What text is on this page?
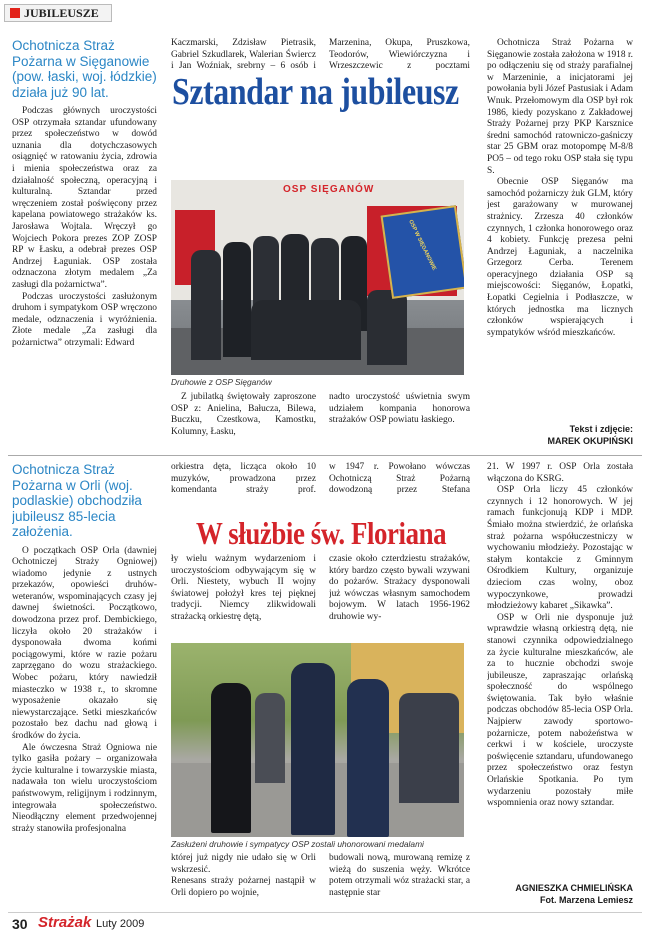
JUBILEUSZE
Ochotnicza Straż Pożarna w Sięganowie (pow. łaski, woj. łódzkie) działa już 90 lat.

Podczas głównych uroczystości OSP otrzymała sztandar ufundowany przez społeczeństwo w dowód uznania dla dotychczasowych osiągnięć w ratowaniu życia, zdrowia i mienia społeczeństwa oraz za działalność społeczną, operacyjną i kulturalną. Sztandar przed wręczeniem został poświęcony przez kapelana powiatowego strażaków ks. Jarosława Wojtala. Wręczył go Wojciech Pokora prezes ZOP ZOSP RP w Łasku, a odebrał prezes OSP Andrzej Łaguniak. OSP została odznaczona złotym medalem „Za zasługi dla pożarnictwa”.

Podczas uroczystości zasłużonym druhom i sympatykom OSP wręczono medale, odznaczenia i wyróżnienia. Złote medale „Za zasługi dla pożarnictwa” otrzymali: Edward

Kaczmarski, Zdzisław Pietrasik, Gabriel Szkudlarek, Walerian Świercz i Jan Woźniak, srebrny – 6 osób i

Marzenina, Okupa, Pruszkowa, Teodorów, Wiewiórczyzna i Wrzeszczewic z pocztami

Sztandar na jubileusz
OSP SIĘGANÓW
OSP W SIĘGANOWIE
Druhowie z OSP Sięganów

Z jubilatką świętowały zaproszone OSP z: Anielina, Bałucza, Bilewa, Buczku, Czestkowa, Kamostku, Kolumny, Łasku,

nadto uroczystość uświetnia swym udziałem kompania honorowa strażaków OSP powiatu łaskiego.

Ochotnicza Straż Pożarna w Sięganowie została założona w 1918 r. po odłączeniu się od straży parafialnej w Marzeninie, a inicjatorami jej powołania byli Józef Pastusiak i Adam Wnuk. Przełomowym dla OSP był rok 1986, kiedy pozyskano z Zakładowej Straży Pożarnej przy PKP Karsznice średni samochód ratowniczo-gaśniczy star 25 GBM oraz motopompę M-8/8 PO5 – od tego roku OSP stała się typu S.

Obecnie OSP Sięganów ma samochód pożarniczy żuk GLM, który jest garażowany w murowanej strażnicy. Zrzesza 40 członków czynnych, 1 członka honorowego oraz 4 kobiety. Funkcję prezesa pełni Andrzej Łaguniak, a naczelnika Grzegorz Cerba. Terenem operacyjnego działania OSP są miejscowości: Sięganów, Łopatki, Łopatki Cegielnia i Podłaszcze, w których jednostka ma licznych członków wspierających i sympatyków wśród mieszkańców.

Tekst i zdjęcie:
MAREK OKUPIŃSKI
Ochotnicza Straż Pożarna w Orli (woj. podlaskie) obchodziła jubileusz 85-lecia założenia.

O początkach OSP Orla (dawniej Ochotniczej Straży Ogniowej) wiadomo jedynie z ustnych przekazów, opowieści druhów-weteranów, wspominających czasy jej dawnej świetności. Początkowo, dowodzona przez prof. Dembickiego, liczyła około 20 strażaków i dysponowała dwoma końmi pociągowymi, które w razie pożaru zaprzęgano do wozu strażackiego. Wobec pożaru, który nawiedził miasteczko w 1938 r., to skromne wyposażenie okazało się niewystarczające. Setki mieszkańców pozostało bez dachu nad głową i środków do życia.

Ale ówczesna Straż Ogniowa nie tylko gasiła pożary – organizowała życie kulturalne i towarzyskie miasta, nadawała ton wielu uroczystościom państwowym, religijnym i rodzinnym, integrowała społeczeństwo. Nieodłączny element przedwojennej straży stanowiła profesjonalna

orkiestra dęta, licząca około 10 muzyków, prowadzona przez komendanta straży prof.

w 1947 r. Powołano wówczas Ochotniczą Straż Pożarną dowodzoną przez Stefana

W służbie św. Floriana

ły wielu ważnym wydarzeniom i uroczystościom odbywającym się w Orli. Niestety, wybuch II wojny światowej położył kres tej pięknej tradycji. Niemcy zlikwidowali strażacką orkiestrę dętą,

czasie około czterdziestu strażaków, który bardzo często bywali wzywani do pożarów. Strażacy dysponowali już wówczas własnym samochodem bojowym. W latach 1956-1962 druhowie wy-

Zasłużeni druhowie i sympatycy OSP zostali uhonorowani medalami

której już nigdy nie udało się w Orli wskrzesić.
Renesans straży pożarnej nastąpił w Orli dopiero po wojnie,

budowali nową, murowaną remizę z wieżą do suszenia węży. Wkrótce potem otrzymali wóz strażacki star, a następnie star

21. W 1997 r. OSP Orla została włączona do KSRG.

OSP Orla liczy 45 członków czynnych i 12 honorowych. W jej ramach funkcjonują KDP i MDP. Śmiało można stwierdzić, że orlańska straż pożarna współuczestniczy w wychowaniu młodzieży. Pozostając w stałym kontakcie z Gminnym Ośrodkiem Kultury, organizuje dzieciom czas wolny, oboz wypoczynkowe, prowadzi młodzieżowy kabaret „Sikawka”.

OSP w Orli nie dysponuje już wprawdzie własną orkiestrą dętą, nie stanowi czynnika odpowiedzialnego za życie kulturalne mieszkańców, ale za to hucznie obchodzi swoje jubileusze, zapraszając orlańską społeczność do wspólnego świętowania. Tak było właśnie podczas obchodów 85-lecia OSP Orla. Najpierw zawody sportowo-pożarnicze, potem nabożeństwa w cerkwi i w kościele, uroczyste poświęcenie sztandaru, ufundowanego przez społeczeństwo oraz festyn Orlańskie Spotkania. Po tym wydarzeniu pozostały miłe wspomnienia oraz nowy sztandar.

AGNIESZKA CHMIELIŃSKA
Fot. Marzena Lemiesz
30 Strażak Luty 2009
